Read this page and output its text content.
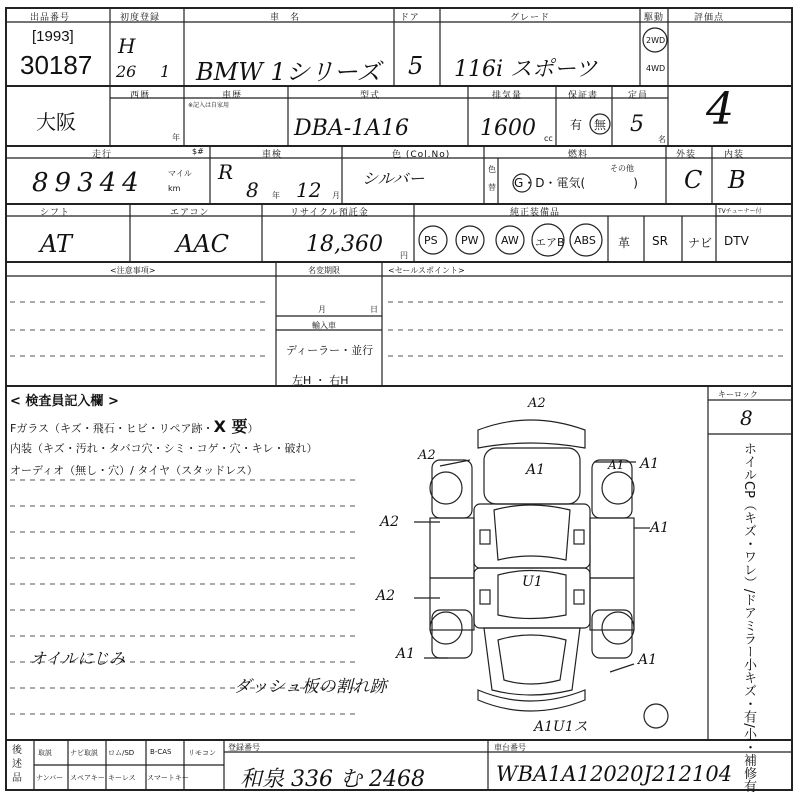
出品番号
[1993]
30187
初度登録
H
26 1
車　名
BMW 1シリーズ
ドア
5
グレード
116i スポーツ
駆動
2WD
4WD
評価点
4
大阪
西暦
年
車歴
※記入は自家用
型式
DBA-1A16
排気量
1600 cc
保証書
有 無
定員
5
名
走行
89344	マイル
km
$#	車検
R
8 年 12 月
色 (Col.No)
シルバー	色
替
燃料
その他
G・D・電気(　　　　)
外装	内装
C B
シフト
AT
エアコン
AAC
リサイクル預託金
18,360 円
純正装備品	TVチューナー付
PS PW AW エアB ABS 革 SR ナビ DTV
<注意事項>	名変期限
月	日
輸入車
ディーラー・並行
左H ・ 右H
<セールスポイント>
< 検査員記入欄 >
Fガラス（キズ・飛石・ヒビ・リペア跡・X 要）
内装（キズ・汚れ・タバコ穴・シミ・コゲ・穴・キレ・破れ）
オーディオ（無し・穴）/ タイヤ（スタッドレス）
オイルにじみ
ダッシュ板の割れ跡
A2
A2
A1	A1
A1
A2
A1
U1
A2
A1	A1
A1U1ス
キーロック
8
ホイルCP（キズ・ワレ）/ドアミラー小キズ・有/小・補修有
後
述
品
取説	ナビ取説 ロム/SD B-CAS リモコン
ナンバー スペアキー キーレス スマートキー
登録番号
和泉 336 む 2468
車台番号
WBA1A12020J212104
